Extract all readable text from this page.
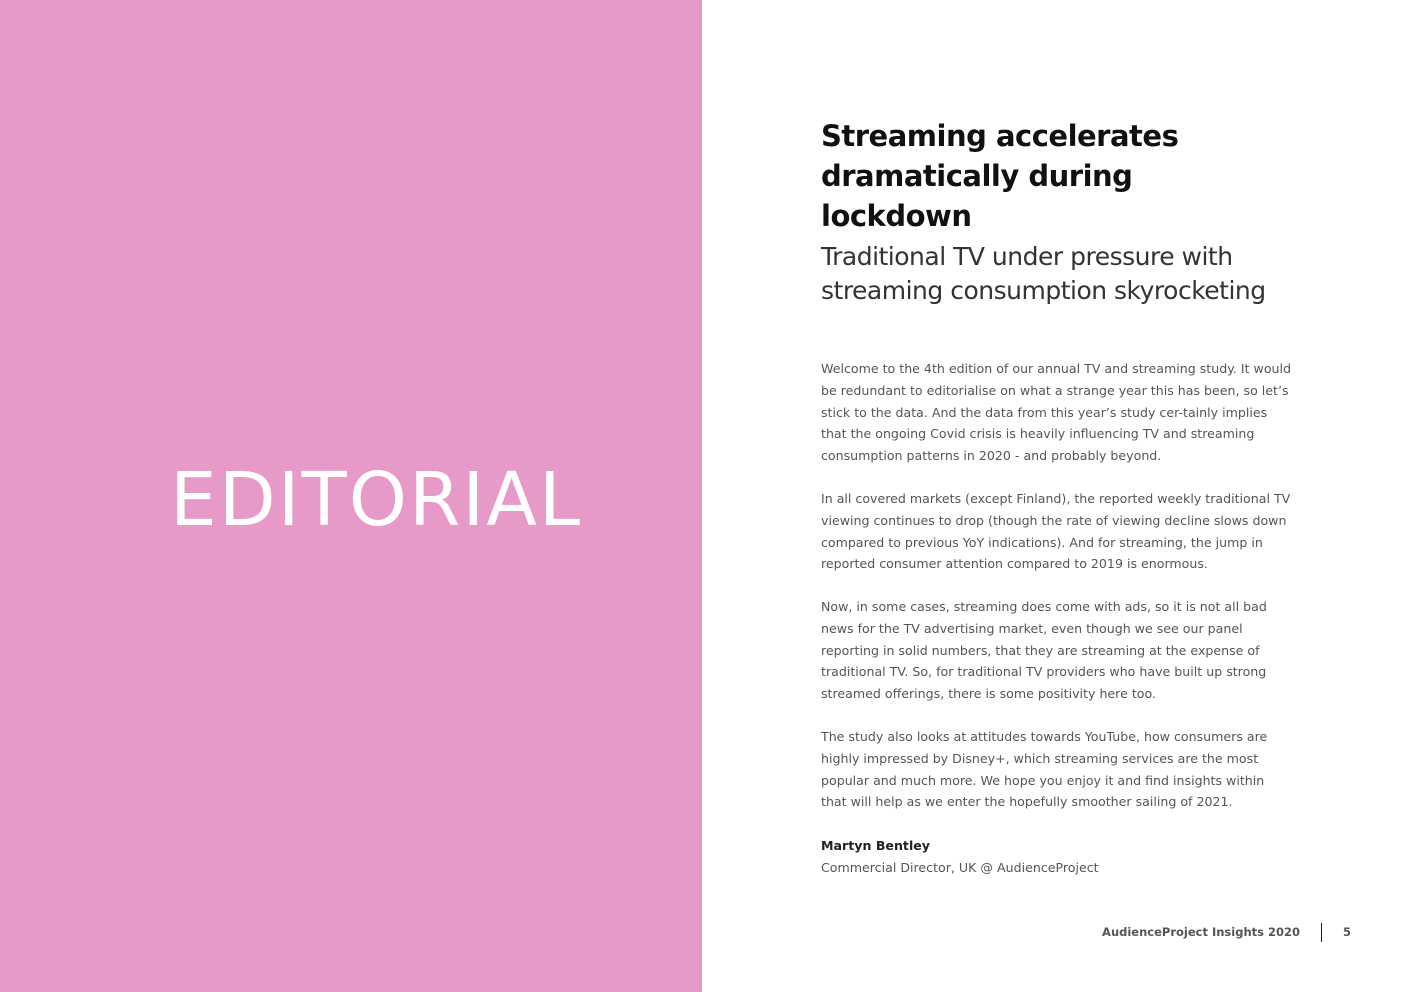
EDITORIAL
Streaming accelerates dramatically during lockdown
Traditional TV under pressure with streaming consumption skyrocketing

Welcome to the 4th edition of our annual TV and streaming study. It would be redundant to editorialise on what a strange year this has been, so let’s stick to the data. And the data from this year’s study cer-tainly implies that the ongoing Covid crisis is heavily influencing TV and streaming consumption patterns in 2020 - and probably beyond.

In all covered markets (except Finland), the reported weekly traditional TV viewing continues to drop (though the rate of viewing decline slows down compared to previous YoY indications). And for streaming, the jump in reported consumer attention compared to 2019 is enormous.

Now, in some cases, streaming does come with ads, so it is not all bad news for the TV advertising market, even though we see our panel reporting in solid numbers, that they are streaming at the expense of traditional TV. So, for traditional TV providers who have built up strong streamed offerings, there is some positivity here too.

The study also looks at attitudes towards YouTube, how consumers are highly impressed by Disney+, which streaming services are the most popular and much more. We hope you enjoy it and find insights within that will help as we enter the hopefully smoother sailing of 2021.

Martyn Bentley

Commercial Director, UK @ AudienceProject

AudienceProject Insights 2020	5
